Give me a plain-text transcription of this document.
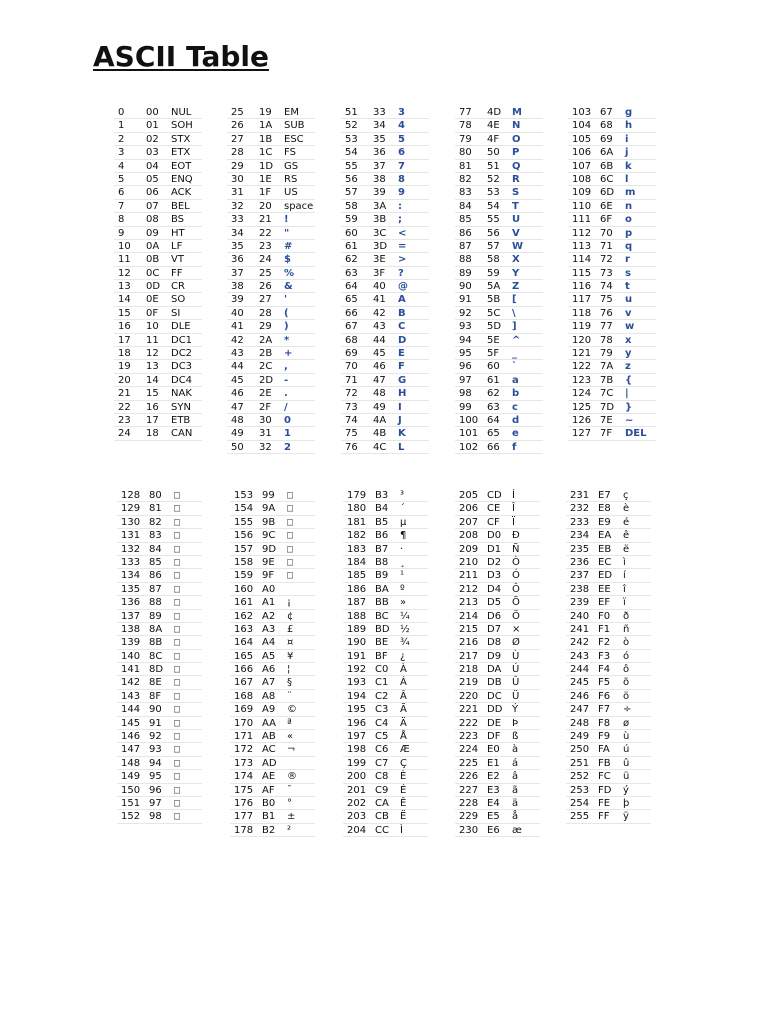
ASCII Table
0 00 NUL
1 01 SOH
2 02 STX
3 03 ETX
4 04 EOT
5 05 ENQ
6 06 ACK
7 07 BEL
8 08 BS
9 09 HT
10 0A LF
11 0B VT
12 0C FF
13 0D CR
14 0E SO
15 0F SI
16 10 DLE
17 11 DC1
18 12 DC2
19 13 DC3
20 14 DC4
21 15 NAK
22 16 SYN
23 17 ETB
24 18 CAN
25 19 EM
26 1A SUB
27 1B ESC
28 1C FS
29 1D GS
30 1E RS
31 1F US
32 20 space
33 21 !
34 22 "
35 23 #
36 24 $
37 25 %
38 26 &
39 27 '
40 28 (
41 29 )
42 2A *
43 2B +
44 2C ,
45 2D -
46 2E .
47 2F /
48 30 0
49 31 1
50 32 2
51 33 3
52 34 4
53 35 5
54 36 6
55 37 7
56 38 8
57 39 9
58 3A :
59 3B ;
60 3C <
61 3D =
62 3E >
63 3F ?
64 40 @
65 41 A
66 42 B
67 43 C
68 44 D
69 45 E
70 46 F
71 47 G
72 48 H
73 49 I
74 4A J
75 4B K
76 4C L
77 4D M
78 4E N
79 4F O
80 50 P
81 51 Q
82 52 R
83 53 S
84 54 T
85 55 U
86 56 V
87 57 W
88 58 X
89 59 Y
90 5A Z
91 5B [
92 5C \
93 5D ]
94 5E ^
95 5F _
96 60 `
97 61 a
98 62 b
99 63 c
100 64 d
101 65 e
102 66 f
103 67 g
104 68 h
105 69 i
106 6A j
107 6B k
108 6C l
109 6D m
110 6E n
111 6F o
112 70 p
113 71 q
114 72 r
115 73 s
116 74 t
117 75 u
118 76 v
119 77 w
120 78 x
121 79 y
122 7A z
123 7B {
124 7C |
125 7D }
126 7E ~
127 7F DEL
128 80 □
129 81 □
130 82 □
131 83 □
132 84 □
133 85 □
134 86 □
135 87 □
136 88 □
137 89 □
138 8A □
139 8B □
140 8C □
141 8D □
142 8E □
143 8F □
144 90 □
145 91 □
146 92 □
147 93 □
148 94 □
149 95 □
150 96 □
151 97 □
152 98 □
153 99 □
154 9A □
155 9B □
156 9C □
157 9D □
158 9E □
159 9F □
160 A0
161 A1 ¡
162 A2 ¢
163 A3 £
164 A4 ¤
165 A5 ¥
166 A6 ¦
167 A7 §
168 A8 ¨
169 A9 ©
170 AA ª
171 AB «
172 AC ¬
173 AD
174 AE ®
175 AF ¯
176 B0 °
177 B1 ±
178 B2 ²
179 B3 ³
180 B4 ´
181 B5 µ
182 B6 ¶
183 B7 ·
184 B8 ¸
185 B9 ¹
186 BA º
187 BB »
188 BC ¼
189 BD ½
190 BE ¾
191 BF ¿
192 C0 À
193 C1 Á
194 C2 Â
195 C3 Ã
196 C4 Ä
197 C5 Å
198 C6 Æ
199 C7 Ç
200 C8 È
201 C9 É
202 CA Ê
203 CB Ë
204 CC Ì
205 CD Í
206 CE Î
207 CF Ï
208 D0 Ð
209 D1 Ñ
210 D2 Ò
211 D3 Ó
212 D4 Ô
213 D5 Õ
214 D6 Ö
215 D7 ×
216 D8 Ø
217 D9 Ù
218 DA Ú
219 DB Û
220 DC Ü
221 DD Ý
222 DE Þ
223 DF ß
224 E0 à
225 E1 á
226 E2 â
227 E3 ã
228 E4 ä
229 E5 å
230 E6 æ
231 E7 ç
232 E8 è
233 E9 é
234 EA ê
235 EB ë
236 EC ì
237 ED í
238 EE î
239 EF ï
240 F0 ð
241 F1 ñ
242 F2 ò
243 F3 ó
244 F4 ô
245 F5 õ
246 F6 ö
247 F7 ÷
248 F8 ø
249 F9 ù
250 FA ú
251 FB û
252 FC ü
253 FD ý
254 FE þ
255 FF ÿ
